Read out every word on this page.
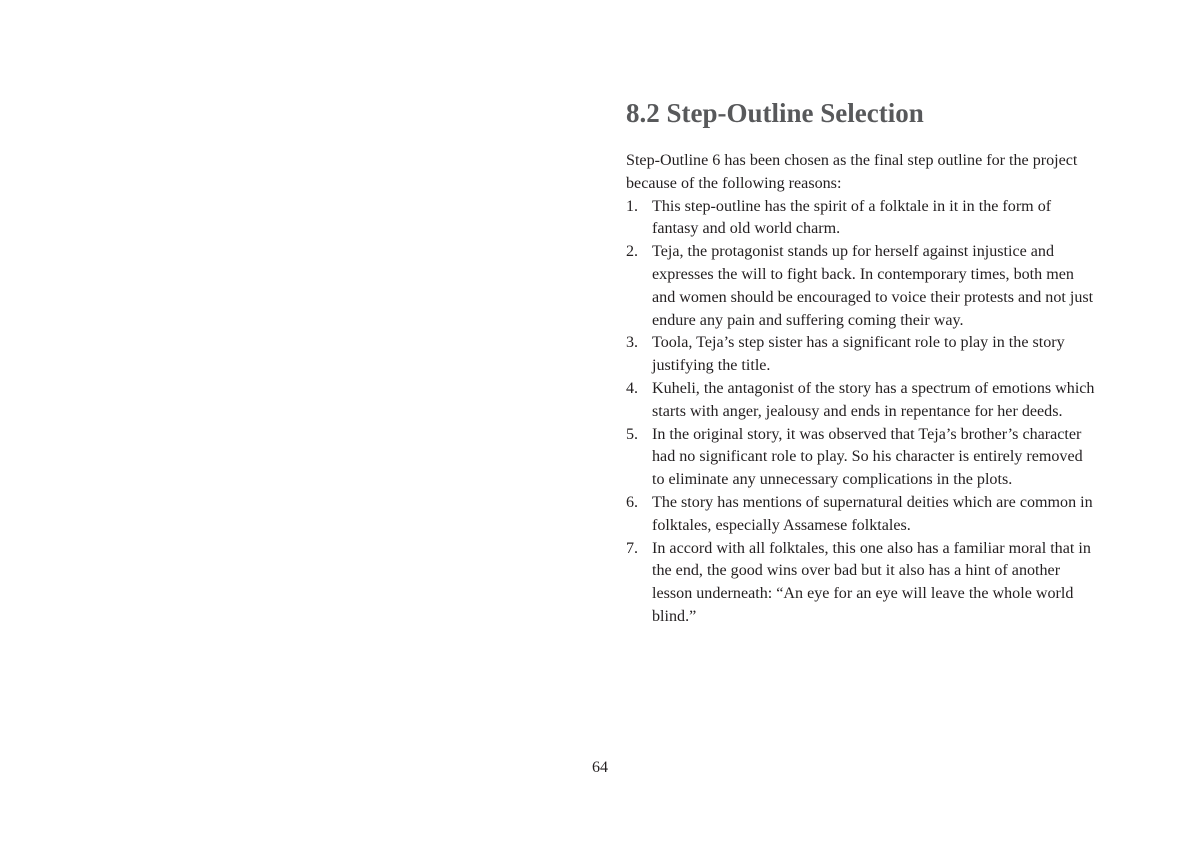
8.2 Step-Outline Selection

Step-Outline 6 has been chosen as the final step outline for the project because of the following reasons:

1. This step-outline has the spirit of a folktale in it in the form of fantasy and old world charm.
2. Teja, the protagonist stands up for herself against injustice and expresses the will to fight back. In contemporary times, both men and women should be encouraged to voice their protests and not just endure any pain and suffering coming their way.
3. Toola, Teja’s step sister has a significant role to play in the story justifying the title.
4. Kuheli, the antagonist of the story has a spectrum of emotions which starts with anger, jealousy and ends in repentance for her deeds.
5. In the original story, it was observed that Teja’s brother’s character had no significant role to play. So his character is entirely removed to eliminate any unnecessary complications in the plots.
6. The story has mentions of supernatural deities which are common in folktales, especially Assamese folktales.
7. In accord with all folktales, this one also has a familiar moral that in the end, the good wins over bad but it also has a hint of another lesson underneath: “An eye for an eye will leave the whole world blind.”
64
